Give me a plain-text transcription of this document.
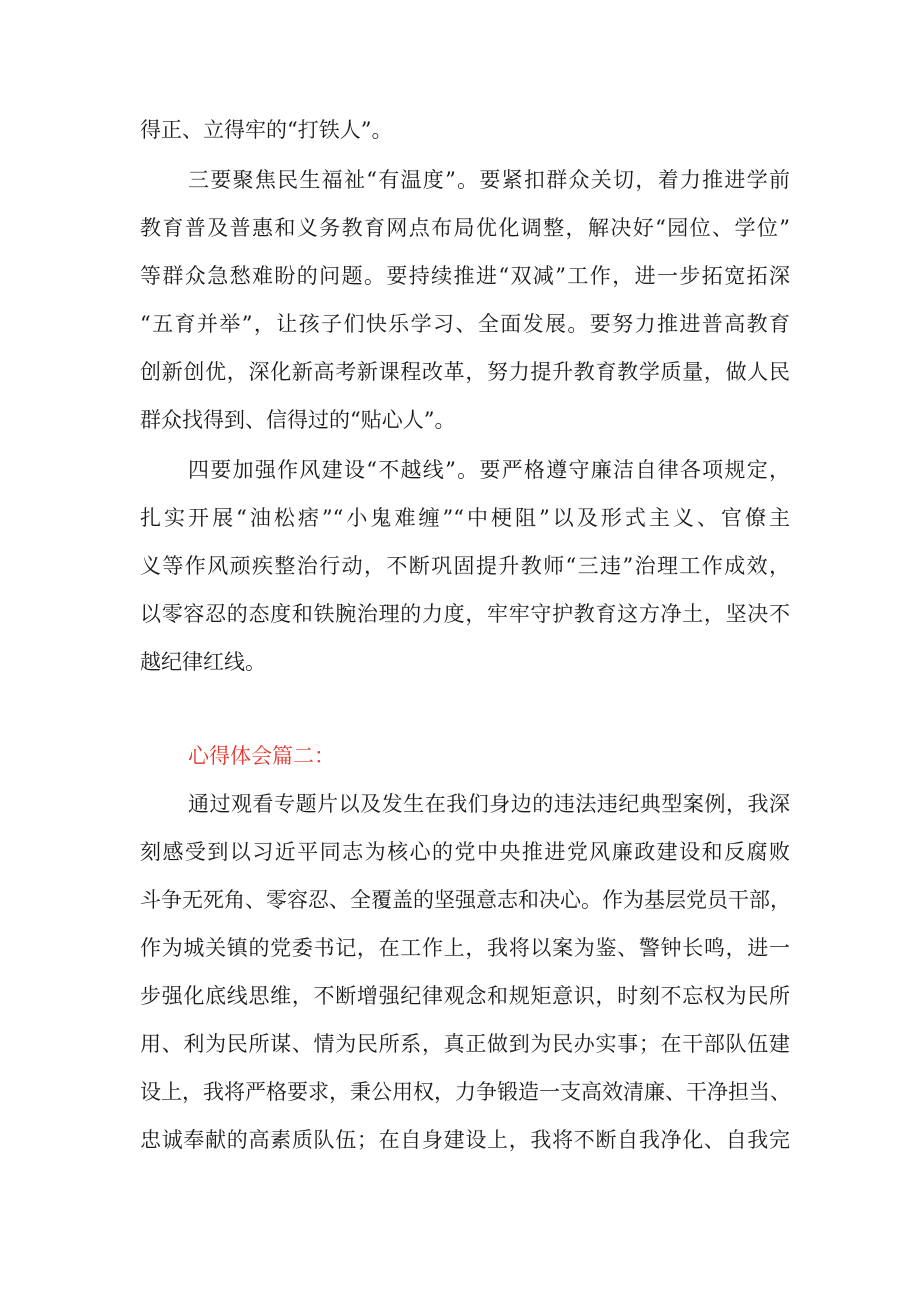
得正、立得牢的“打铁人”。
三要聚焦民生福祉“有温度”。要紧扣群众关切，着力推进学前
教育普及普惠和义务教育网点布局优化调整，解决好“园位、学位”
等群众急愁难盼的问题。要持续推进“双减”工作，进一步拓宽拓深
“五育并举”，让孩子们快乐学习、全面发展。要努力推进普高教育
创新创优，深化新高考新课程改革，努力提升教育教学质量，做人民
群众找得到、信得过的“贴心人”。
四要加强作风建设“不越线”。要严格遵守廉洁自律各项规定，
扎实开展“油松痞”“小鬼难缠”“中梗阻”以及形式主义、官僚主
义等作风顽疾整治行动，不断巩固提升教师“三违”治理工作成效，
以零容忍的态度和铁腕治理的力度，牢牢守护教育这方净土，坚决不
越纪律红线。
心得体会篇二：
通过观看专题片以及发生在我们身边的违法违纪典型案例，我深
刻感受到以习近平同志为核心的党中央推进党风廉政建设和反腐败
斗争无死角、零容忍、全覆盖的坚强意志和决心。作为基层党员干部，
作为城关镇的党委书记，在工作上，我将以案为鉴、警钟长鸣，进一
步强化底线思维，不断增强纪律观念和规矩意识，时刻不忘权为民所
用、利为民所谋、情为民所系，真正做到为民办实事；在干部队伍建
设上，我将严格要求，秉公用权，力争锻造一支高效清廉、干净担当、
忠诚奉献的高素质队伍；在自身建设上，我将不断自我净化、自我完
